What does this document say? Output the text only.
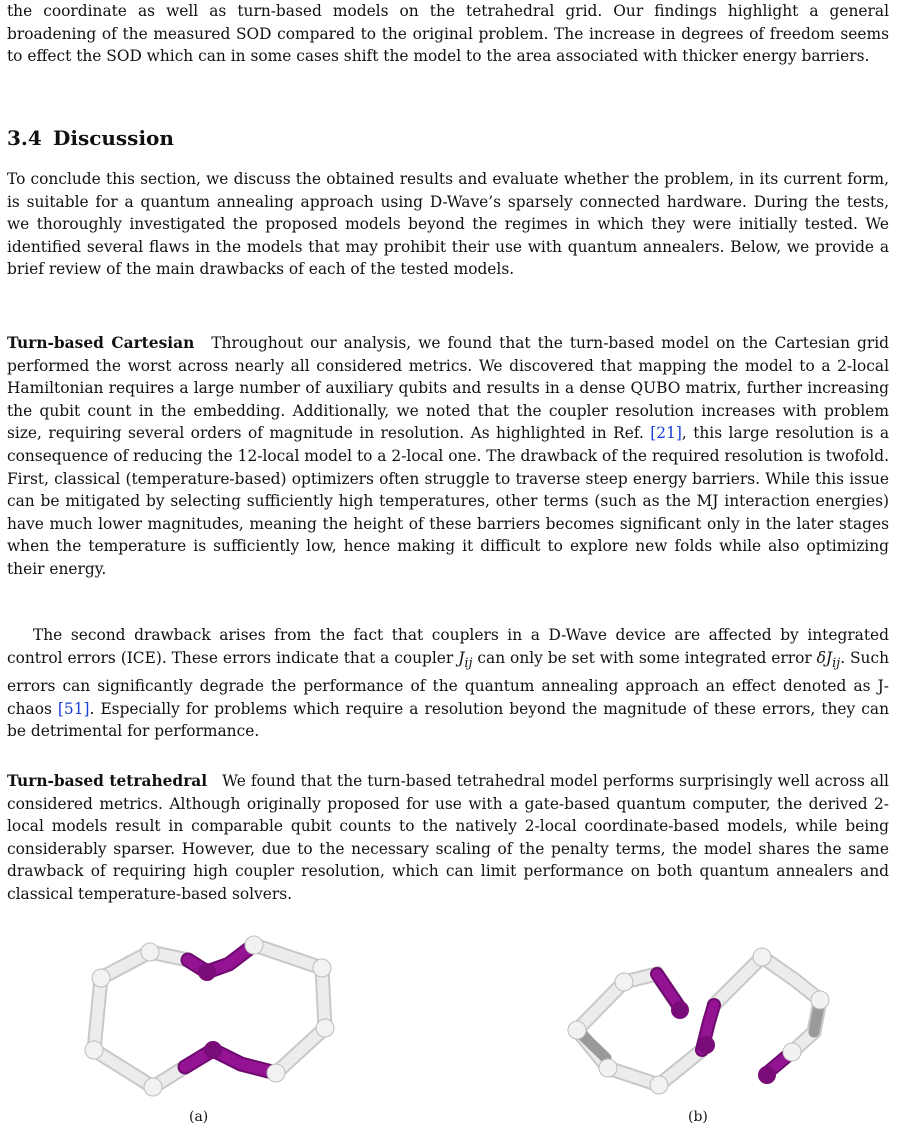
the coordinate as well as turn-based models on the tetrahedral grid. Our findings highlight a general broadening of the measured SOD compared to the original problem. The increase in degrees of freedom seems to effect the SOD which can in some cases shift the model to the area associated with thicker energy barriers.

3.4 Discussion

To conclude this section, we discuss the obtained results and evaluate whether the problem, in its current form, is suitable for a quantum annealing approach using D-Wave’s sparsely connected hardware. During the tests, we thoroughly investigated the proposed models beyond the regimes in which they were initially tested. We identified several flaws in the models that may prohibit their use with quantum annealers. Below, we provide a brief review of the main drawbacks of each of the tested models.

Turn-based Cartesian Throughout our analysis, we found that the turn-based model on the Cartesian grid performed the worst across nearly all considered metrics. We discovered that mapping the model to a 2-local Hamiltonian requires a large number of auxiliary qubits and results in a dense QUBO matrix, further increasing the qubit count in the embedding. Additionally, we noted that the coupler resolution increases with problem size, requiring several orders of magnitude in resolution. As highlighted in Ref. [21], this large resolution is a consequence of reducing the 12-local model to a 2-local one. The drawback of the required resolution is twofold. First, classical (temperature-based) optimizers often struggle to traverse steep energy barriers. While this issue can be mitigated by selecting sufficiently high temperatures, other terms (such as the MJ interaction energies) have much lower magnitudes, meaning the height of these barriers becomes significant only in the later stages when the temperature is sufficiently low, hence making it difficult to explore new folds while also optimizing their energy.

The second drawback arises from the fact that couplers in a D-Wave device are affected by integrated control errors (ICE). These errors indicate that a coupler $J_{ij}$ can only be set with some integrated error $\delta J_{ij}$. Such errors can significantly degrade the performance of the quantum annealing approach an effect denoted as J-chaos [51]. Especially for problems which require a resolution beyond the magnitude of these errors, they can be detrimental for performance.

Turn-based tetrahedral We found that the turn-based tetrahedral model performs surprisingly well across all considered metrics. Although originally proposed for use with a gate-based quantum computer, the derived 2-local models result in comparable qubit counts to the natively 2-local coordinate-based models, while being considerably sparser. However, due to the necessary scaling of the penalty terms, the model shares the same drawback of requiring high coupler resolution, which can limit performance on both quantum annealers and classical temperature-based solvers.

(a)	(b)
